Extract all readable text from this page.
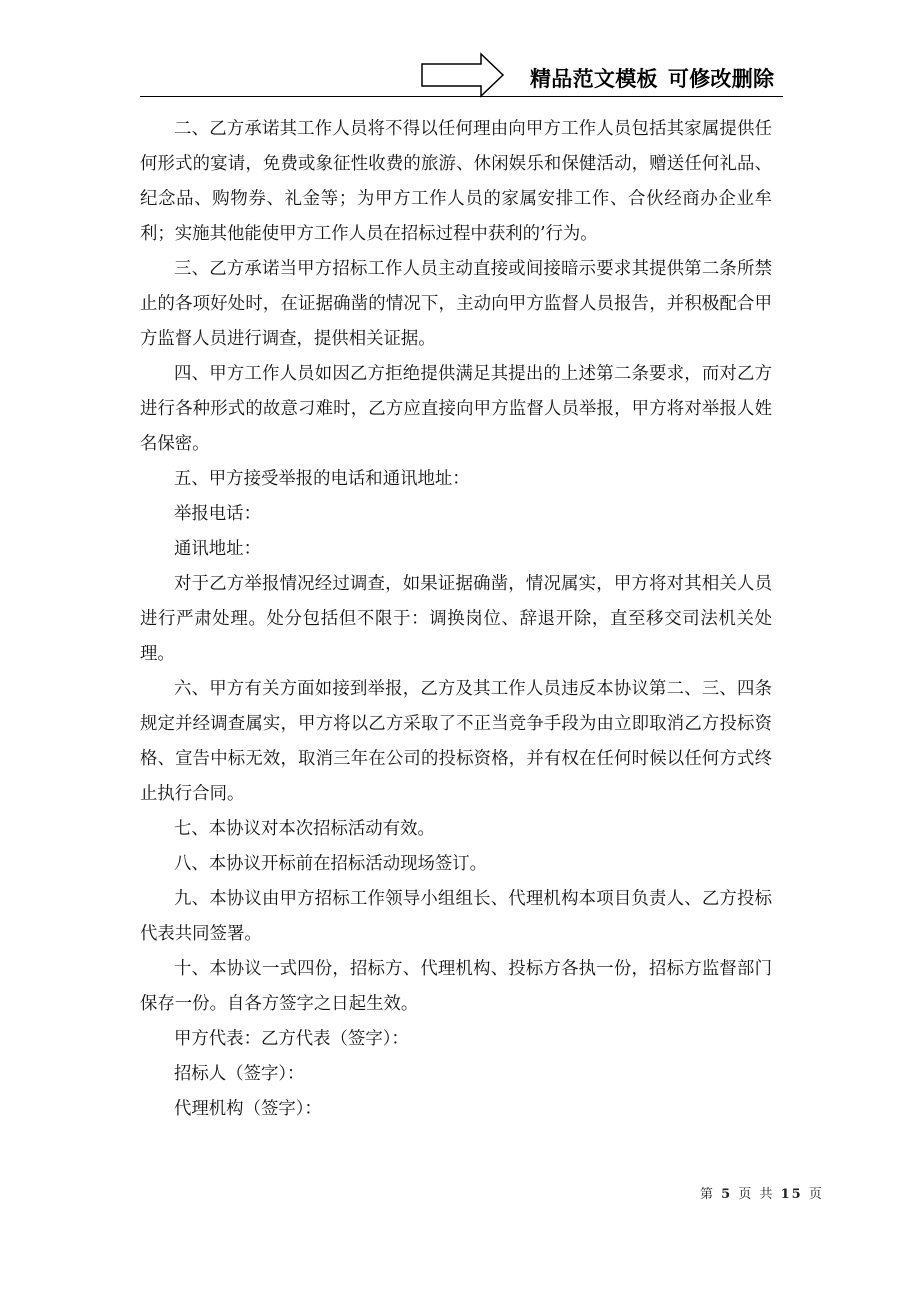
精品范文模板 可修改删除

二、乙方承诺其工作人员将不得以任何理由向甲方工作人员包括其家属提供任何形式的宴请，免费或象征性收费的旅游、休闲娱乐和保健活动，赠送任何礼品、纪念品、购物券、礼金等；为甲方工作人员的家属安排工作、合伙经商办企业牟利；实施其他能使甲方工作人员在招标过程中获利的’行为。

三、乙方承诺当甲方招标工作人员主动直接或间接暗示要求其提供第二条所禁止的各项好处时，在证据确凿的情况下，主动向甲方监督人员报告，并积极配合甲方监督人员进行调查，提供相关证据。

四、甲方工作人员如因乙方拒绝提供满足其提出的上述第二条要求，而对乙方进行各种形式的故意刁难时，乙方应直接向甲方监督人员举报，甲方将对举报人姓名保密。

五、甲方接受举报的电话和通讯地址：

举报电话：

通讯地址：

对于乙方举报情况经过调查，如果证据确凿，情况属实，甲方将对其相关人员进行严肃处理。处分包括但不限于：调换岗位、辞退开除，直至移交司法机关处理。

六、甲方有关方面如接到举报，乙方及其工作人员违反本协议第二、三、四条规定并经调查属实，甲方将以乙方采取了不正当竞争手段为由立即取消乙方投标资格、宣告中标无效，取消三年在公司的投标资格，并有权在任何时候以任何方式终止执行合同。

七、本协议对本次招标活动有效。

八、本协议开标前在招标活动现场签订。

九、本协议由甲方招标工作领导小组组长、代理机构本项目负责人、乙方投标代表共同签署。

十、本协议一式四份，招标方、代理机构、投标方各执一份，招标方监督部门保存一份。自各方签字之日起生效。

甲方代表：乙方代表（签字）：

招标人（签字）：

代理机构（签字）：

第 5 页 共 15 页
